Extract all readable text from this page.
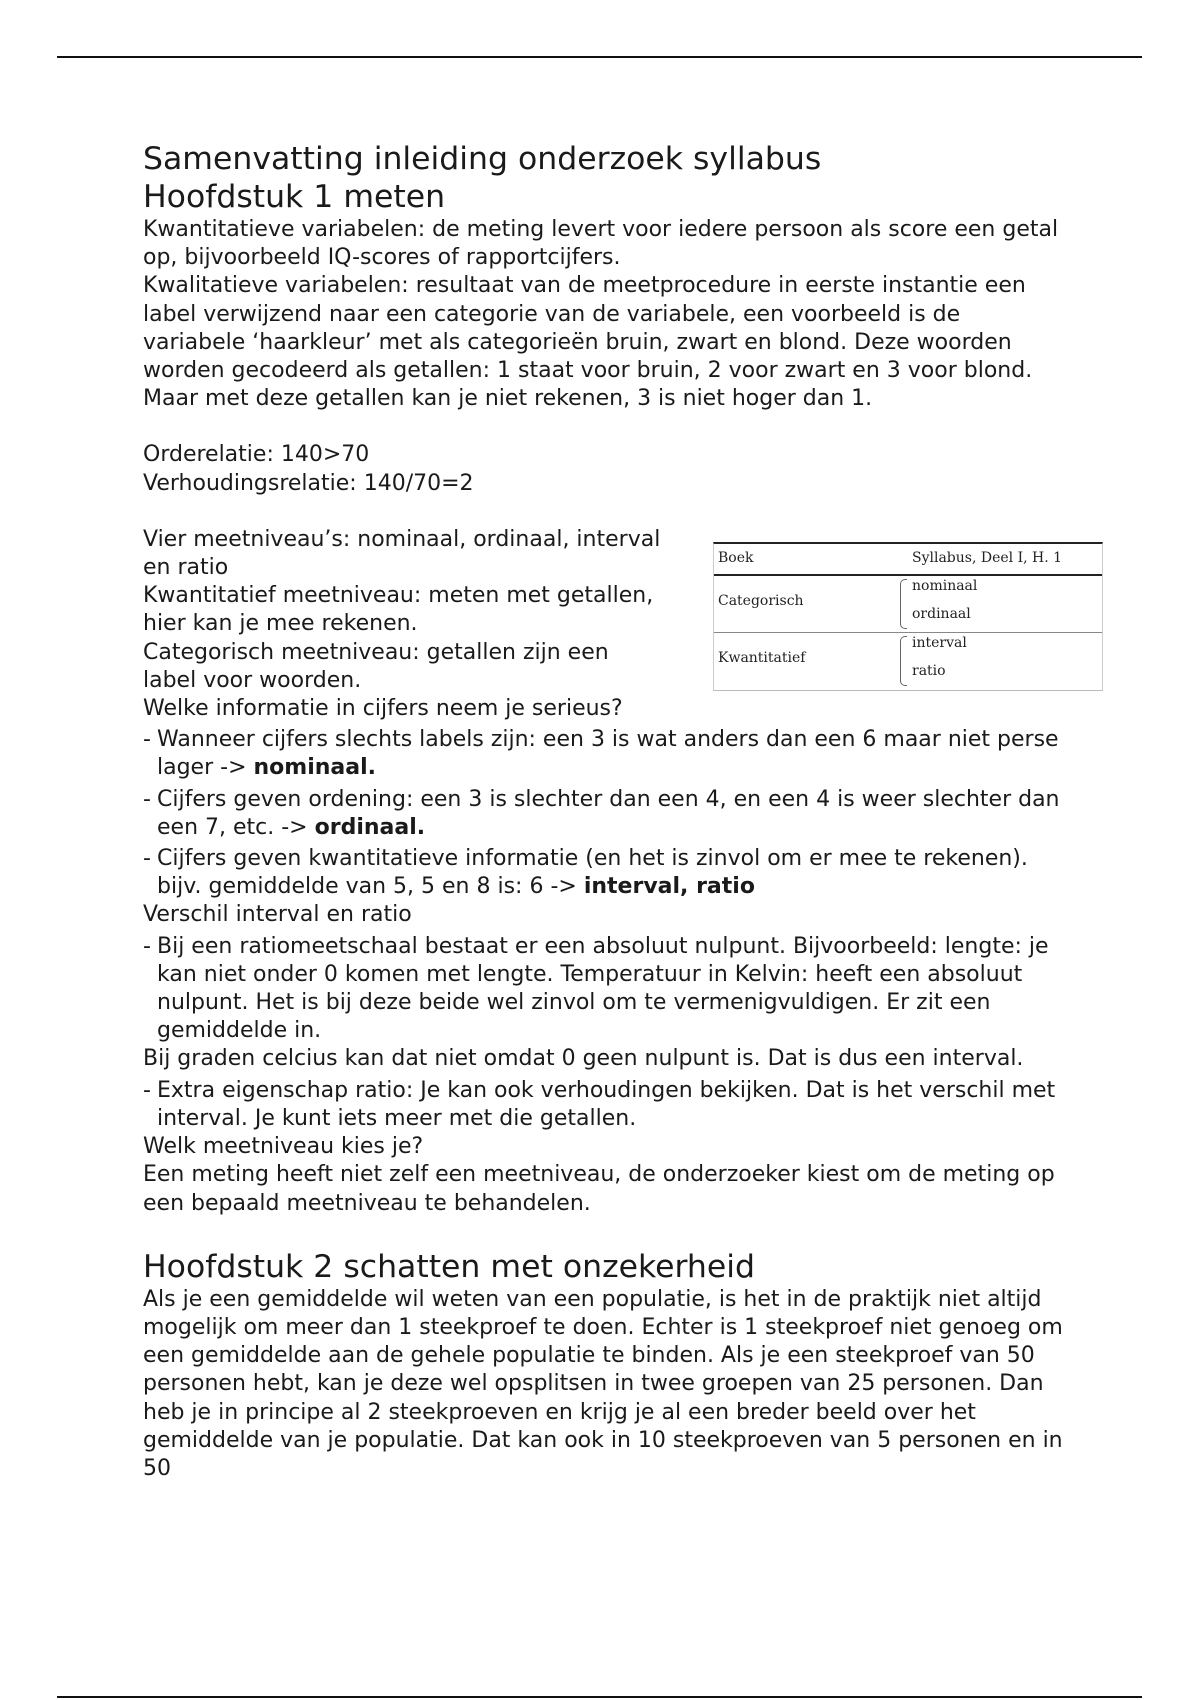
Samenvatting inleiding onderzoek syllabus
Hoofdstuk 1 meten

Kwantitatieve variabelen: de meting levert voor iedere persoon als score een getal op, bijvoorbeeld IQ-scores of rapportcijfers.

Kwalitatieve variabelen: resultaat van de meetprocedure in eerste instantie een label verwijzend naar een categorie van de variabele, een voorbeeld is de variabele ‘haarkleur’ met als categorieën bruin, zwart en blond. Deze woorden worden gecodeerd als getallen: 1 staat voor bruin, 2 voor zwart en 3 voor blond. Maar met deze getallen kan je niet rekenen, 3 is niet hoger dan 1.

Orderelatie: 140>70

Verhoudingsrelatie: 140/70=2

Vier meetniveau’s: nominaal, ordinaal, interval en ratio

Kwantitatief meetniveau: meten met getallen, hier kan je mee rekenen.

Categorisch meetniveau: getallen zijn een label voor woorden.

Welke informatie in cijfers neem je serieus?

- Wanneer cijfers slechts labels zijn: een 3 is wat anders dan een 6 maar niet perse lager -> nominaal.
- Cijfers geven ordening: een 3 is slechter dan een 4, en een 4 is weer slechter dan een 7, etc. -> ordinaal.
- Cijfers geven kwantitatieve informatie (en het is zinvol om er mee te rekenen). bijv. gemiddelde van 5, 5 en 8 is: 6 -> interval, ratio

Verschil interval en ratio

- Bij een ratiomeetschaal bestaat er een absoluut nulpunt. Bijvoorbeeld: lengte: je kan niet onder 0 komen met lengte. Temperatuur in Kelvin: heeft een absoluut nulpunt. Het is bij deze beide wel zinvol om te vermenigvuldigen. Er zit een gemiddelde in.

Bij graden celcius kan dat niet omdat 0 geen nulpunt is. Dat is dus een interval.

- Extra eigenschap ratio: Je kan ook verhoudingen bekijken. Dat is het verschil met interval. Je kunt iets meer met die getallen.

Welk meetniveau kies je?

Een meting heeft niet zelf een meetniveau, de onderzoeker kiest om de meting op een bepaald meetniveau te behandelen.

Hoofdstuk 2 schatten met onzekerheid

Als je een gemiddelde wil weten van een populatie, is het in de praktijk niet altijd mogelijk om meer dan 1 steekproef te doen. Echter is 1 steekproef niet genoeg om een gemiddelde aan de gehele populatie te binden. Als je een steekproef van 50 personen hebt, kan je deze wel opsplitsen in twee groepen van 25 personen. Dan heb je in principe al 2 steekproeven en krijg je al een breder beeld over het gemiddelde van je populatie. Dat kan ook in 10 steekproeven van 5 personen en in 50

Boek	Syllabus, Deel I, H. 1
Categorisch
nominaal
ordinaal
Kwantitatief
interval
ratio
